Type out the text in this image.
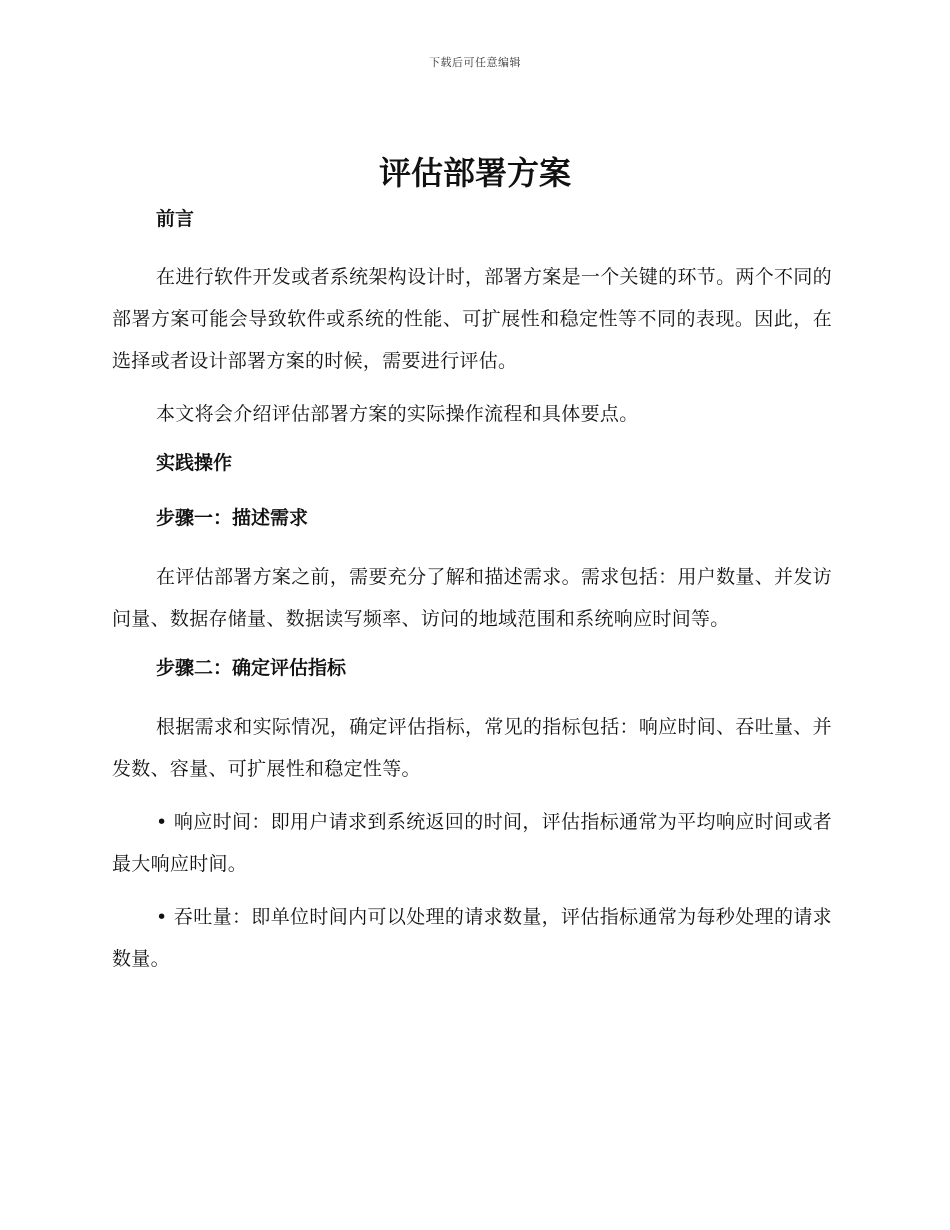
下载后可任意编辑
评估部署方案
前言

在进行软件开发或者系统架构设计时，部署方案是一个关键的环节。两个不同的部署方案可能会导致软件或系统的性能、可扩展性和稳定性等不同的表现。因此，在选择或者设计部署方案的时候，需要进行评估。

本文将会介绍评估部署方案的实际操作流程和具体要点。

实践操作
步骤一：描述需求

在评估部署方案之前，需要充分了解和描述需求。需求包括：用户数量、并发访问量、数据存储量、数据读写频率、访问的地域范围和系统响应时间等。

步骤二：确定评估指标

根据需求和实际情况，确定评估指标，常见的指标包括：响应时间、吞吐量、并发数、容量、可扩展性和稳定性等。

• 响应时间：即用户请求到系统返回的时间，评估指标通常为平均响应时间或者最大响应时间。

• 吞吐量：即单位时间内可以处理的请求数量，评估指标通常为每秒处理的请求数量。
